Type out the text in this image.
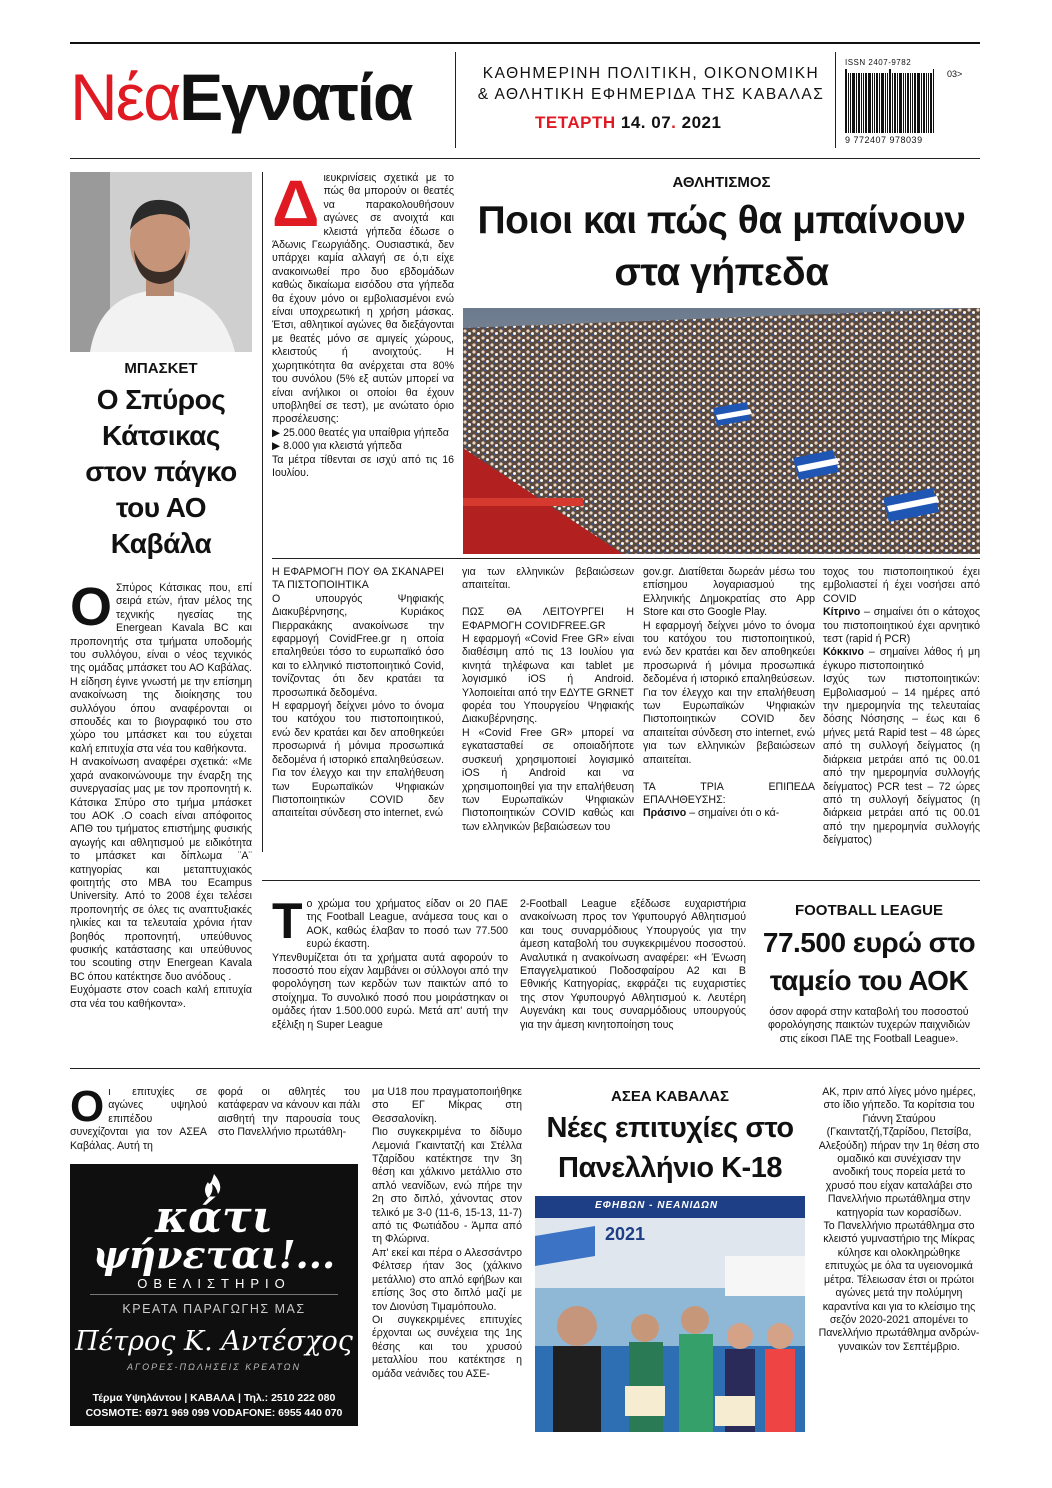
ΝέαΕγνατία	ΚΑΘΗΜΕΡΙΝΗ ΠΟΛΙΤΙΚΗ, ΟΙΚΟΝΟΜΙΚΗ
& ΑΘΛΗΤΙΚΗ ΕΦΗΜΕΡΙΔΑ ΤΗΣ ΚΑΒΑΛΑΣ
ΤΕΤΑΡΤΗ 14. 07. 2021
ISSN 2407-9782
9 772407 978039
03>
ΜΠΑΣΚΕΤ
Ο Σπύρος
Κάτσικας
στον πάγκο
του ΑΟ
Καβάλα
Ο Σπύρος Κάτσικας που, επί σειρά ετών, ήταν μέλος της τεχνικής ηγεσίας της Energean Kavala BC και προπονητής στα τμήματα υποδομής του συλλόγου, είναι ο νέος τεχνικός της ομάδας μπάσκετ του ΑΟ Καβάλας. Η είδηση έγινε γνωστή με την επίσημη ανακοίνωση της διοίκησης του συλλόγου όπου αναφέρονται οι σπουδές και το βιογραφικό του στο χώρο του μπάσκετ και του εύχεται καλή επιτυχία στα νέα του καθήκοντα.
Η ανακοίνωση αναφέρει σχετικά: «Με χαρά ανακοινώνουμε την έναρξη της συνεργασίας μας με τον προπονητή κ. Κάτσικα Σπύρο στο τμήμα μπάσκετ του ΑΟΚ .Ο coach είναι απόφοιτος ΑΠΘ του τμήματος επιστήμης φυσικής αγωγής και αθλητισμού με ειδικότητα το μπάσκετ και δίπλωμα ¨Α¨ κατηγορίας και μεταπτυχιακός φοιτητής στο MBA του Ecampus University. Από το 2008 έχει τελέσει προπονητής σε όλες τις αναπτυξιακές ηλικίες και τα τελευταία χρόνια ήταν βοηθός προπονητή, υπεύθυνος φυσικής κατάστασης και υπεύθυνος του scouting στην Energean Kavala BC όπου κατέκτησε δυο ανόδους .
Ευχόμαστε στον coach καλή επιτυχία στα νέα του καθήκοντα».
Δ ιευκρινίσεις σχετικά με το πώς θα μπορούν οι θεατές να παρακολουθήσουν αγώνες σε ανοιχτά και κλειστά γήπεδα έδωσε ο Άδωνις Γεωργιάδης. Ουσιαστικά, δεν υπάρχει καμία αλλαγή σε ό,τι είχε ανακοινωθεί προ δυο εβδομάδων καθώς δικαίωμα εισόδου στα γήπεδα θα έχουν μόνο οι εμβολιασμένοι ενώ είναι υποχρεωτική η χρήση μάσκας. Έτσι, αθλητικοί αγώνες θα διεξάγονται με θεατές μόνο σε αμιγείς χώρους, κλειστούς ή ανοιχτούς. Η χωρητικότητα θα ανέρχεται στα 80% του συνόλου (5% εξ αυτών μπορεί να είναι ανήλικοι οι οποίοι θα έχουν υποβληθεί σε τεστ), με ανώτατο όριο προσέλευσης:
▶ 25.000 θεατές για υπαίθρια γήπεδα
▶ 8.000 για κλειστά γήπεδα
Τα μέτρα τίθενται σε ισχύ από τις 16 Ιουλίου.
ΑΘΛΗΤΙΣΜΟΣ
Ποιοι και πώς θα μπαίνουν
στα γήπεδα
Η ΕΦΑΡΜΟΓΗ ΠΟΥ ΘΑ ΣΚΑΝΑΡΕΙ ΤΑ ΠΙΣΤΟΠΟΙΗΤΙΚΑ
Ο υπουργός Ψηφιακής Διακυβέρνησης, Κυριάκος Πιερρακάκης ανακοίνωσε την εφαρμογή CovidFree.gr η οποία επαληθεύει τόσο το ευρωπαϊκό όσο και το ελληνικό πιστοποιητικό Covid, τονίζοντας ότι δεν κρατάει τα προσωπικά δεδομένα.
Η εφαρμογή δείχνει μόνο το όνομα του κατόχου του πιστοποιητικού, ενώ δεν κρατάει και δεν αποθηκεύει προσωρινά ή μόνιμα προσωπικά δεδομένα ή ιστορικό επαληθεύσεων. Για τον έλεγχο και την επαλήθευση των Ευρωπαϊκών Ψηφιακών Πιστοποιητικών COVID δεν απαιτείται σύνδεση στο internet, ενώ
για των ελληνικών βεβαιώσεων απαιτείται.

ΠΩΣ ΘΑ ΛΕΙΤΟΥΡΓΕΙ Η ΕΦΑΡΜΟΓΗ COVIDFREE.GR
Η εφαρμογή «Covid Free GR» είναι διαθέσιμη από τις 13 Ιουλίου για κινητά τηλέφωνα και tablet με λογισμικό iOS ή Android. Υλοποιείται από την ΕΔΥΤΕ GRNET φορέα του Υπουργείου Ψηφιακής Διακυβέρνησης.
Η «Covid Free GR» μπορεί να εγκατασταθεί σε οποιαδήποτε συσκευή χρησιμοποιεί λογισμικό iOS ή Android και να χρησιμοποιηθεί για την επαλήθευση των Ευρωπαϊκών Ψηφιακών Πιστοποιητικών COVID καθώς και των ελληνικών βεβαιώσεων του
gov.gr. Διατίθεται δωρεάν μέσω του επίσημου λογαριασμού της Ελληνικής Δημοκρατίας στο App Store και στο Google Play.
Η εφαρμογή δείχνει μόνο το όνομα του κατόχου του πιστοποιητικού, ενώ δεν κρατάει και δεν αποθηκεύει προσωρινά ή μόνιμα προσωπικά δεδομένα ή ιστορικό επαληθεύσεων. Για τον έλεγχο και την επαλήθευση των Ευρωπαϊκών Ψηφιακών Πιστοποιητικών COVID δεν απαιτείται σύνδεση στο internet, ενώ για των ελληνικών βεβαιώσεων απαιτείται.

ΤΑ ΤΡΙΑ ΕΠΙΠΕΔΑ ΕΠΑΛΗΘΕΥΣΗΣ:
Πράσινο – σημαίνει ότι ο κά-
τοχος του πιστοποιητικού έχει εμβολιαστεί ή έχει νοσήσει από COVID
Κίτρινο – σημαίνει ότι ο κάτοχος του πιστοποιητικού έχει αρνητικό τεστ (rapid ή PCR)
Κόκκινο – σημαίνει λάθος ή μη έγκυρο πιστοποιητικό
Ισχύς των πιστοποιητικών: Εμβολιασμού – 14 ημέρες από την ημερομηνία της τελευταίας δόσης Νόσησης – έως και 6 μήνες μετά Rapid test – 48 ώρες από τη συλλογή δείγματος (η διάρκεια μετράει από τις 00.01 από την ημερομηνία συλλογής δείγματος) PCR test – 72 ώρες από τη συλλογή δείγματος (η διάρκεια μετράει από τις 00.01 από την ημερομηνία συλλογής δείγματος)
Τ ο χρώμα του χρήματος είδαν οι 20 ΠΑΕ της Football League, ανάμεσα τους και ο ΑΟΚ, καθώς έλαβαν το ποσό των 77.500 ευρώ έκαστη.
Υπενθυμίζεται ότι τα χρήματα αυτά αφορούν το ποσοστό που είχαν λαμβάνει οι σύλλογοι από την φορολόγηση των κερδών των παικτών από το στοίχημα. Το συνολικό ποσό που μοιράστηκαν οι ομάδες ήταν 1.500.000 ευρώ. Μετά απ' αυτή την εξέλιξη η Super League
2-Football League εξέδωσε ευχαριστήρια ανακοίνωση προς τον Υφυπουργό Αθλητισμού και τους συναρμόδιους Υπουργούς για την άμεση καταβολή του συγκεκριμένου ποσοστού. Αναλυτικά η ανακοίνωση αναφέρει: «Η Ένωση Επαγγελματικού Ποδοσφαίρου Α2 και Β Εθνικής Κατηγορίας, εκφράζει τις ευχαριστίες της στον Υφυπουργό Αθλητισμού κ. Λευτέρη Αυγενάκη και τους συναρμόδιους υπουργούς για την άμεση κινητοποίηση τους
FOOTBALL LEAGUE
77.500 ευρώ στο
ταμείο του ΑΟΚ
όσον αφορά στην καταβολή του ποσοστού φορολόγησης παικτών τυχερών παιχνιδιών στις είκοσι ΠΑΕ της Football League».
Ο ι επιτυχίες σε αγώνες υψηλού επιπέδου συνεχίζονται για τον ΑΣΕΑ Καβάλας. Αυτή τη
φορά οι αθλητές του κατάφεραν να κάνουν και πάλι αισθητή την παρουσία τους στο Πανελλήνιο πρωτάθλη-
μα U18 που πραγματοποιήθηκε στο ΕΓ Μίκρας στη Θεσσαλονίκη.
Πιο συγκεκριμένα το δίδυμο Λεμονιά Γκαιντατζή και Στέλλα Τζαρίδου κατέκτησε την 3η θέση και χάλκινο μετάλλιο στο απλό νεανίδων, ενώ πήρε την 2η στο διπλό, χάνοντας στον τελικό με 3-0 (11-6, 15-13, 11-7) από τις Φωτιάδου - Άμπα από τη Φλώρινα.
Απ' εκεί και πέρα ο Αλεσσάντρο Φέλτσερ ήταν 3ος (χάλκινο μετάλλιο) στο απλό εφήβων και επίσης 3ος στο διπλό μαζί με τον Διονύση Τιμαμόπουλο.
Οι συγκεκριμένες επιτυχίες έρχονται ως συνέχεια της 1ης θέσης και του χρυσού μεταλλίου που κατέκτησε η ομάδα νεάνιδες του ΑΣΕ-
ΑΣΕΑ ΚΑΒΑΛΑΣ
Νέες επιτυχίες στο
Πανελλήνιο Κ-18
ΕΦΗΒΩΝ - ΝΕΑΝΙΔΩΝ
2021
ΑΚ, πριν από λίγες μόνο ημέρες, στο ίδιο γήπεδο. Τα κορίτσια του Γιάννη Σταύρου (Γκαιντατζή,Τζαρίδου, Πετσίβα, Αλεξούδη) πήραν την 1η θέση στο ομαδικό και συνέχισαν την ανοδική τους πορεία μετά το χρυσό που είχαν καταλάβει στο Πανελλήνιο πρωτάθλημα στην κατηγορία των κορασίδων.
Το Πανελλήνιο πρωτάθλημα στο κλειστό γυμναστήριο της Μίκρας κύλησε και ολοκληρώθηκε επιτυχώς με όλα τα υγειονομικά μέτρα. Τέλειωσαν έτσι οι πρώτοι αγώνες μετά την πολύμηνη καραντίνα και για το κλείσιμο της σεζόν 2020-2021 απομένει το Πανελλήνιο πρωτάθλημα ανδρών-γυναικών τον Σεπτέμβριο.
κάτι
ψήνεται!...
ΟΒΕΛΙΣΤΗΡΙΟ
ΚΡΕΑΤΑ ΠΑΡΑΓΩΓΗΣ ΜΑΣ
Πέτρος Κ. Αντέσχος
ΑΓΟΡΕΣ-ΠΩΛΗΣΕΙΣ ΚΡΕΑΤΩΝ
Τέρμα Υψηλάντου | ΚΑΒΑΛΑ | Τηλ.: 2510 222 080
COSMOTE: 6971 969 099 VODAFONE: 6955 440 070
